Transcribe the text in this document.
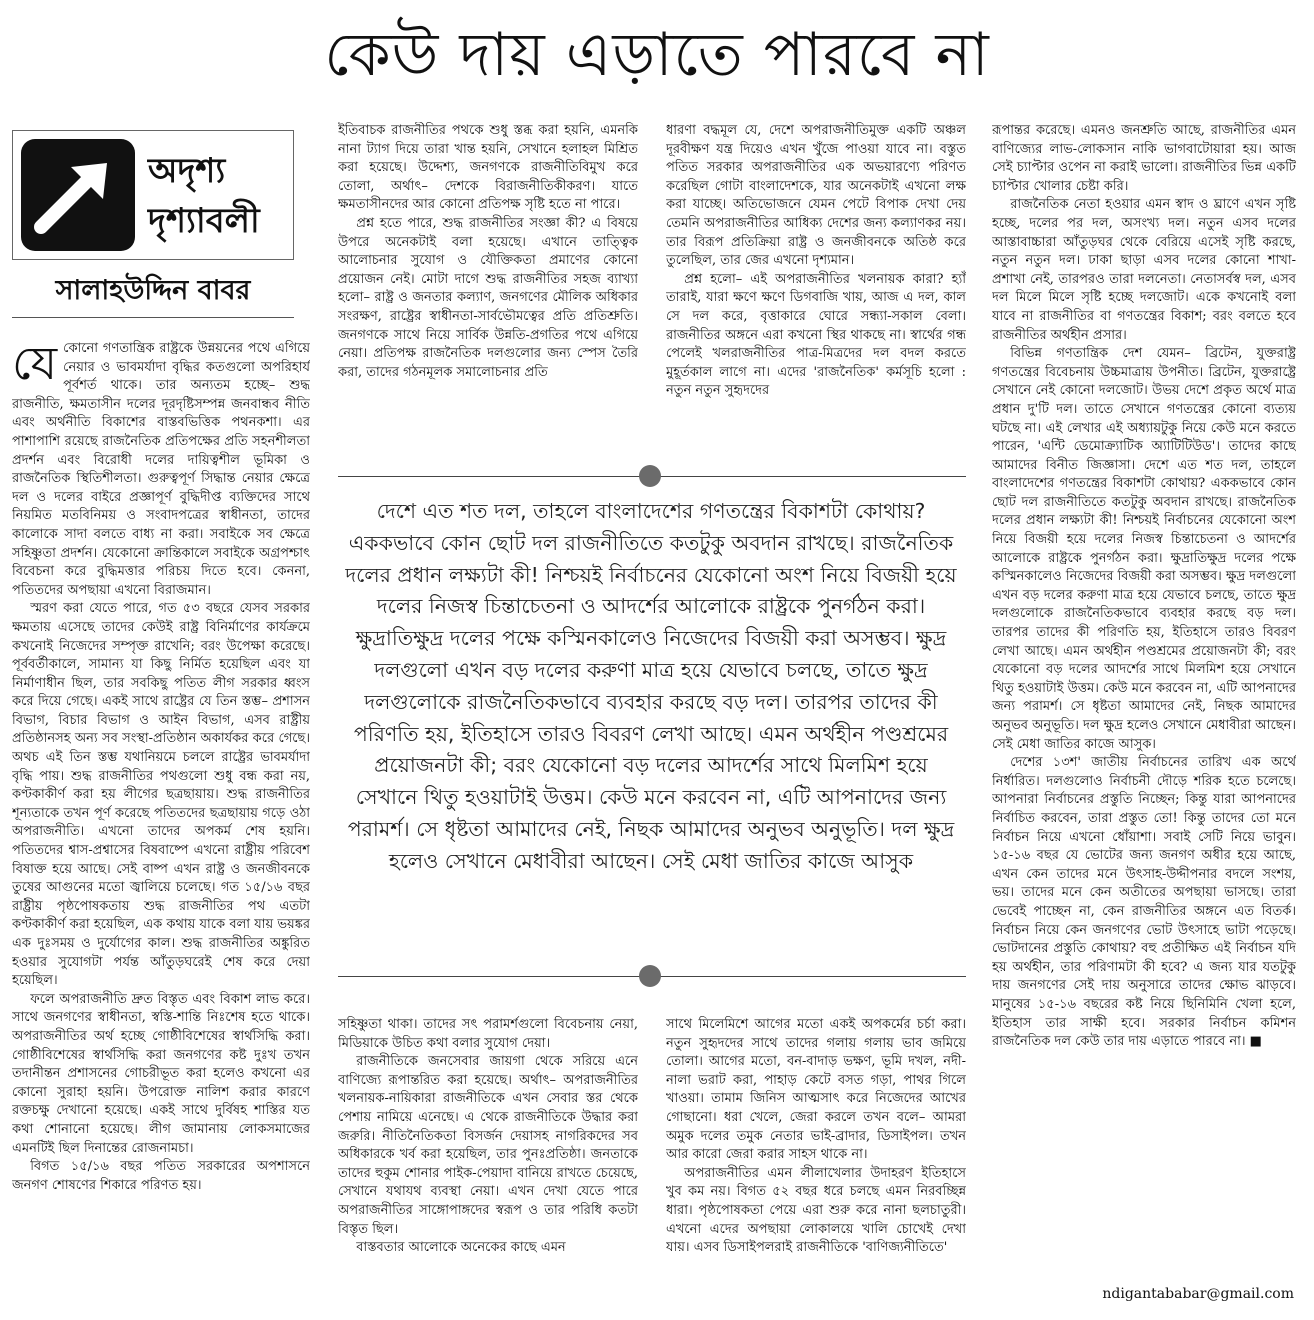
কেউ দায় এড়াতে পারবে না

অদৃশ্য

দৃশ্যাবলী

সালাহউদ্দিন বাবর

যেকোনো গণতান্ত্রিক রাষ্ট্রকে উন্নয়নের পথে এগিয়ে নেয়ার ও ভাবমর্যাদা বৃদ্ধির কতগুলো অপরিহার্য পূর্বশর্ত থাকে। তার অন্যতম হচ্ছে– শুদ্ধ রাজনীতি, ক্ষমতাসীন দলের দূরদৃষ্টিসম্পন্ন জনবান্ধব নীতি এবং অর্থনীতি বিকাশের বাস্তবভিত্তিক পথনকশা। এর পাশাপাশি রয়েছে রাজনৈতিক প্রতিপক্ষের প্রতি সহনশীলতা প্রদর্শন এবং বিরোধী দলের দায়িত্বশীল ভূমিকা ও রাজনৈতিক স্থিতিশীলতা। গুরুত্বপূর্ণ সিদ্ধান্ত নেয়ার ক্ষেত্রে দল ও দলের বাইরে প্রজ্ঞাপূর্ণ বুদ্ধিদীপ্ত ব্যক্তিদের সাথে নিয়মিত মতবিনিময় ও সংবাদপত্রের স্বাধীনতা, তাদের কালোকে সাদা বলতে বাধ্য না করা। সবাইকে সব ক্ষেত্রে সহিষ্ণুতা প্রদর্শন। যেকোনো ক্রান্তিকালে সবাইকে অগ্রপশ্চাৎ বিবেচনা করে বুদ্ধিমত্তার পরিচয় দিতে হবে। কেননা, পতিতদের অপছায়া এখনো বিরাজমান।

স্মরণ করা যেতে পারে, গত ৫৩ বছরে যেসব সরকার ক্ষমতায় এসেছে তাদের কেউই রাষ্ট্র বিনির্মাণের কার্যক্রমে কখনোই নিজেদের সম্পৃক্ত রাখেনি; বরং উপেক্ষা করেছে। পূর্ববর্তীকালে, সামান্য যা কিছু নির্মিত হয়েছিল এবং যা নির্মাণাধীন ছিল, তার সবকিছু পতিত লীগ সরকার ধ্বংস করে দিয়ে গেছে। একই সাথে রাষ্ট্রের যে তিন স্তম্ভ– প্রশাসন বিভাগ, বিচার বিভাগ ও আইন বিভাগ, এসব রাষ্ট্রীয় প্রতিষ্ঠানসহ অন্য সব সংস্থা-প্রতিষ্ঠান অকার্যকর করে গেছে। অথচ এই তিন স্তম্ভ যথানিয়মে চললে রাষ্ট্রের ভাবমর্যাদা বৃদ্ধি পায়। শুদ্ধ রাজনীতির পথগুলো শুধু বন্ধ করা নয়, কণ্টকাকীর্ণ করা হয় লীগের ছত্রছায়ায়। শুদ্ধ রাজনীতির শূন্যতাকে তখন পূর্ণ করেছে পতিতদের ছত্রছায়ায় গড়ে ওঠা অপরাজনীতি। এখনো তাদের অপকর্ম শেষ হয়নি। পতিতদের শ্বাস-প্রশ্বাসের বিষবাষ্পে এখনো রাষ্ট্রীয় পরিবেশ বিষাক্ত হয়ে আছে। সেই বাষ্প এখন রাষ্ট্র ও জনজীবনকে তুষের আগুনের মতো জ্বালিয়ে চলেছে। গত ১৫/১৬ বছর রাষ্ট্রীয় পৃষ্ঠপোষকতায় শুদ্ধ রাজনীতির পথ এতটা কণ্টকাকীর্ণ করা হয়েছিল, এক কথায় যাকে বলা যায় ভয়ঙ্কর এক দুঃসময় ও দুর্যোগের কাল। শুদ্ধ রাজনীতির অঙ্কুরিত হওয়ার সুযোগটা পর্যন্ত আঁতুড়ঘরেই শেষ করে দেয়া হয়েছিল।

ফলে অপরাজনীতি দ্রুত বিস্তৃত এবং বিকাশ লাভ করে। সাথে জনগণের স্বাধীনতা, স্বস্তি-শান্তি নিঃশেষ হতে থাকে। অপরাজনীতির অর্থ হচ্ছে গোষ্ঠীবিশেষের স্বার্থসিদ্ধি করা। গোষ্ঠীবিশেষের স্বার্থসিদ্ধি করা জনগণের কষ্ট দুঃখ তখন তদানীন্তন প্রশাসনের গোচরীভূত করা হলেও কখনো এর কোনো সুরাহা হয়নি। উপরোক্ত নালিশ করার কারণে রক্তচক্ষু দেখানো হয়েছে। একই সাথে দুর্বিষহ শাস্তির যত কথা শোনানো হয়েছে। লীগ জামানায় লোকসমাজের এমনটিই ছিল দিনান্তের রোজনামচা।

বিগত ১৫/১৬ বছর পতিত সরকারের অপশাসনে জনগণ শোষণের শিকারে পরিণত হয়।

ইতিবাচক রাজনীতির পথকে শুধু স্তব্ধ করা হয়নি, এমনকি নানা ট্যাগ দিয়ে তারা খান্ত হয়নি, সেখানে হলাহল মিশ্রিত করা হয়েছে। উদ্দেশ্য, জনগণকে রাজনীতিবিমুখ করে তোলা, অর্থাৎ– দেশকে বিরাজনীতিকীকরণ। যাতে ক্ষমতাসীনদের আর কোনো প্রতিপক্ষ সৃষ্টি হতে না পারে।

প্রশ্ন হতে পারে, শুদ্ধ রাজনীতির সংজ্ঞা কী? এ বিষয়ে উপরে অনেকটাই বলা হয়েছে। এখানে তাত্ত্বিক আলোচনার সুযোগ ও যৌক্তিকতা প্রমাণের কোনো প্রয়োজন নেই। মোটা দাগে শুদ্ধ রাজনীতির সহজ ব্যাখ্যা হলো– রাষ্ট্র ও জনতার কল্যাণ, জনগণের মৌলিক অধিকার সংরক্ষণ, রাষ্ট্রের স্বাধীনতা-সার্বভৌমত্বের প্রতি প্রতিশ্রুতি। জনগণকে সাথে নিয়ে সার্বিক উন্নতি-প্রগতির পথে এগিয়ে নেয়া। প্রতিপক্ষ রাজনৈতিক দলগুলোর জন্য স্পেস তৈরি করা, তাদের গঠনমূলক সমালোচনার প্রতি

ধারণা বদ্ধমূল যে, দেশে অপরাজনীতিমুক্ত একটি অঞ্চল দূরবীক্ষণ যন্ত্র দিয়েও এখন খুঁজে পাওয়া যাবে না। বস্তুত পতিত সরকার অপরাজনীতির এক অভয়ারণ্যে পরিণত করেছিল গোটা বাংলাদেশকে, যার অনেকটাই এখনো লক্ষ করা যাচ্ছে। অতিভোজনে যেমন পেটে বিপাক দেখা দেয় তেমনি অপরাজনীতির আধিক্য দেশের জন্য কল্যাণকর নয়। তার বিরূপ প্রতিক্রিয়া রাষ্ট্র ও জনজীবনকে অতিষ্ঠ করে তুলেছিল, তার জের এখনো দৃশ্যমান।

প্রশ্ন হলো– এই অপরাজনীতির খলনায়ক কারা? হ্যাঁ তারাই, যারা ক্ষণে ক্ষণে ডিগবাজি খায়, আজ এ দল, কাল সে দল করে, বৃত্তাকারে ঘোরে সন্ধ্যা-সকাল বেলা। রাজনীতির অঙ্গনে এরা কখনো স্থির থাকছে না। স্বার্থের গন্ধ পেলেই খলরাজনীতির পাত্র-মিত্রদের দল বদল করতে মুহূর্তকাল লাগে না। এদের 'রাজনৈতিক' কর্মসূচি হলো : নতুন নতুন সুহৃদদের

দেশে এত শত দল, তাহলে বাংলাদেশের গণতন্ত্রের বিকাশটা কোথায়? এককভাবে কোন ছোট দল রাজনীতিতে কতটুকু অবদান রাখছে। রাজনৈতিক দলের প্রধান লক্ষ্যটা কী! নিশ্চয়ই নির্বাচনের যেকোনো অংশ নিয়ে বিজয়ী হয়ে দলের নিজস্ব চিন্তাচেতনা ও আদর্শের আলোকে রাষ্ট্রকে পুনর্গঠন করা। ক্ষুদ্রাতিক্ষুদ্র দলের পক্ষে কস্মিনকালেও নিজেদের বিজয়ী করা অসম্ভব। ক্ষুদ্র দলগুলো এখন বড় দলের করুণা মাত্র হয়ে যেভাবে চলছে, তাতে ক্ষুদ্র দলগুলোকে রাজনৈতিকভাবে ব্যবহার করছে বড় দল। তারপর তাদের কী পরিণতি হয়, ইতিহাসে তারও বিবরণ লেখা আছে। এমন অর্থহীন পণ্ডশ্রমের প্রয়োজনটা কী; বরং যেকোনো বড় দলের আদর্শের সাথে মিলমিশ হয়ে সেখানে থিতু হওয়াটাই উত্তম। কেউ মনে করবেন না, এটি আপনাদের জন্য পরামর্শ। সে ধৃষ্টতা আমাদের নেই, নিছক আমাদের অনুভব অনুভূতি। দল ক্ষুদ্র হলেও সেখানে মেধাবীরা আছেন। সেই মেধা জাতির কাজে আসুক

সহিষ্ণুতা থাকা। তাদের সৎ পরামর্শগুলো বিবেচনায় নেয়া, মিডিয়াকে উচিত কথা বলার সুযোগ দেয়া।

রাজনীতিকে জনসেবার জায়গা থেকে সরিয়ে এনে বাণিজ্যে রূপান্তরিত করা হয়েছে। অর্থাৎ– অপরাজনীতির খলনায়ক-নায়িকারা রাজনীতিকে এখন সেবার স্তর থেকে পেশায় নামিয়ে এনেছে। এ থেকে রাজনীতিকে উদ্ধার করা জরুরি। নীতিনৈতিকতা বিসর্জন দেয়াসহ নাগরিকদের সব অধিকারকে খর্ব করা হয়েছিল, তার পুনঃপ্রতিষ্ঠা। জনতাকে তাদের হুকুম শোনার পাইক-পেয়াদা বানিয়ে রাখতে চেয়েছে, সেখানে যথাযথ ব্যবস্থা নেয়া। এখন দেখা যেতে পারে অপরাজনীতির সাঙ্গোপাঙ্গদের স্বরূপ ও তার পরিধি কতটা বিস্তৃত ছিল।

বাস্তবতার আলোকে অনেকের কাছে এমন

সাথে মিলেমিশে আগের মতো একই অপকর্মের চর্চা করা। নতুন সুহৃদদের সাথে তাদের গলায় গলায় ভাব জমিয়ে তোলা। আগের মতো, বন-বাদাড় ভক্ষণ, ভূমি দখল, নদী-নালা ভরাট করা, পাহাড় কেটে বসত গড়া, পাথর গিলে খাওয়া। তামাম জিনিস আত্মসাৎ করে নিজেদের আখের গোছানো। ধরা খেলে, জেরা করলে তখন বলে– আমরা অমুক দলের তমুক নেতার ভাই-ব্রাদার, ডিসাইপল। তখন আর কারো জেরা করার সাহস থাকে না।

অপরাজনীতির এমন লীলাখেলার উদাহরণ ইতিহাসে খুব কম নয়। বিগত ৫২ বছর ধরে চলছে এমন নিরবচ্ছিন্ন ধারা। পৃষ্ঠপোষকতা পেয়ে এরা শুরু করে নানা ছলচাতুরী। এখনো এদের অপছায়া লোকালয়ে খালি চোখেই দেখা যায়। এসব ডিসাইপলরাই রাজনীতিকে 'বাণিজ্যনীতিতে'

রূপান্তর করেছে। এমনও জনশ্রুতি আছে, রাজনীতির এমন বাণিজ্যের লাভ-লোকসান নাকি ভাগবাটোয়ারা হয়। আজ সেই চ্যাপ্টার ওপেন না করাই ভালো। রাজনীতির ভিন্ন একটি চ্যাপ্টার খোলার চেষ্টা করি।

রাজনৈতিক নেতা হওয়ার এমন স্বাদ ও ঘ্রাণে এখন সৃষ্টি হচ্ছে, দলের পর দল, অসংখ্য দল। নতুন এসব দলের আস্তাবাচ্চারা আঁতুড়ঘর থেকে বেরিয়ে এসেই সৃষ্টি করছে, নতুন নতুন দল। ঢাকা ছাড়া এসব দলের কোনো শাখা-প্রশাখা নেই, তারপরও তারা দলনেতা। নেতাসর্বস্ব দল, এসব দল মিলে মিলে সৃষ্টি হচ্ছে দলজোট। একে কখনোই বলা যাবে না রাজনীতির বা গণতন্ত্রের বিকাশ; বরং বলতে হবে রাজনীতির অর্থহীন প্রসার।

বিভিন্ন গণতান্ত্রিক দেশ যেমন– ব্রিটেন, যুক্তরাষ্ট্র গণতন্ত্রের বিবেচনায় উচ্চমাত্রায় উপনীত। ব্রিটেন, যুক্তরাষ্ট্রে সেখানে নেই কোনো দলজোট। উভয় দেশে প্রকৃত অর্থে মাত্র প্রধান দু'টি দল। তাতে সেখানে গণতন্ত্রের কোনো ব্যত্যয় ঘটছে না। এই লেখার এই অধ্যায়টুকু নিয়ে কেউ মনে করতে পারেন, 'এন্টি ডেমোক্র্যাটিক অ্যাটিটিউড'। তাদের কাছে আমাদের বিনীত জিজ্ঞাসা। দেশে এত শত দল, তাহলে বাংলাদেশের গণতন্ত্রের বিকাশটা কোথায়? এককভাবে কোন ছোট দল রাজনীতিতে কতটুকু অবদান রাখছে। রাজনৈতিক দলের প্রধান লক্ষ্যটা কী! নিশ্চয়ই নির্বাচনের যেকোনো অংশ নিয়ে বিজয়ী হয়ে দলের নিজস্ব চিন্তাচেতনা ও আদর্শের আলোকে রাষ্ট্রকে পুনর্গঠন করা। ক্ষুদ্রাতিক্ষুদ্র দলের পক্ষে কস্মিনকালেও নিজেদের বিজয়ী করা অসম্ভব। ক্ষুদ্র দলগুলো এখন বড় দলের করুণা মাত্র হয়ে যেভাবে চলছে, তাতে ক্ষুদ্র দলগুলোকে রাজনৈতিকভাবে ব্যবহার করছে বড় দল। তারপর তাদের কী পরিণতি হয়, ইতিহাসে তারও বিবরণ লেখা আছে। এমন অর্থহীন পণ্ডশ্রমের প্রয়োজনটা কী; বরং যেকোনো বড় দলের আদর্শের সাথে মিলমিশ হয়ে সেখানে থিতু হওয়াটাই উত্তম। কেউ মনে করবেন না, এটি আপনাদের জন্য পরামর্শ। সে ধৃষ্টতা আমাদের নেই, নিছক আমাদের অনুভব অনুভূতি। দল ক্ষুদ্র হলেও সেখানে মেধাবীরা আছেন। সেই মেধা জাতির কাজে আসুক।

দেশের ১৩শ' জাতীয় নির্বাচনের তারিখ এক অর্থে নির্ধারিত। দলগুলোও নির্বাচনী দৌড়ে শরিক হতে চলেছে। আপনারা নির্বাচনের প্রস্তুতি নিচ্ছেন; কিন্তু যারা আপনাদের নির্বাচিত করবেন, তারা প্রস্তুত তো! কিন্তু তাদের তো মনে নির্বাচন নিয়ে এখনো ধোঁয়াশা। সবাই সেটি নিয়ে ভাবুন। ১৫-১৬ বছর যে ভোটের জন্য জনগণ অধীর হয়ে আছে, এখন কেন তাদের মনে উৎসাহ-উদ্দীপনার বদলে সংশয়, ভয়। তাদের মনে কেন অতীতের অপছায়া ভাসছে। তারা ভেবেই পাচ্ছেন না, কেন রাজনীতির অঙ্গনে এত বিতর্ক। নির্বাচন নিয়ে কেন জনগণের ভোট উৎসাহে ভাটা পড়েছে। ভোটদানের প্রস্তুতি কোথায়? বহু প্রতীক্ষিত এই নির্বাচন যদি হয় অর্থহীন, তার পরিণামটা কী হবে? এ জন্য যার যতটুকু দায় জনগণের সেই দায় অনুসারে তাদের ক্ষোভ ঝাড়বে। মানুষের ১৫-১৬ বছরের কষ্ট নিয়ে ছিনিমিনি খেলা হলে, ইতিহাস তার সাক্ষী হবে। সরকার নির্বাচন কমিশন রাজনৈতিক দল কেউ তার দায় এড়াতে পারবে না। ■

ndigantababar@gmail.com
